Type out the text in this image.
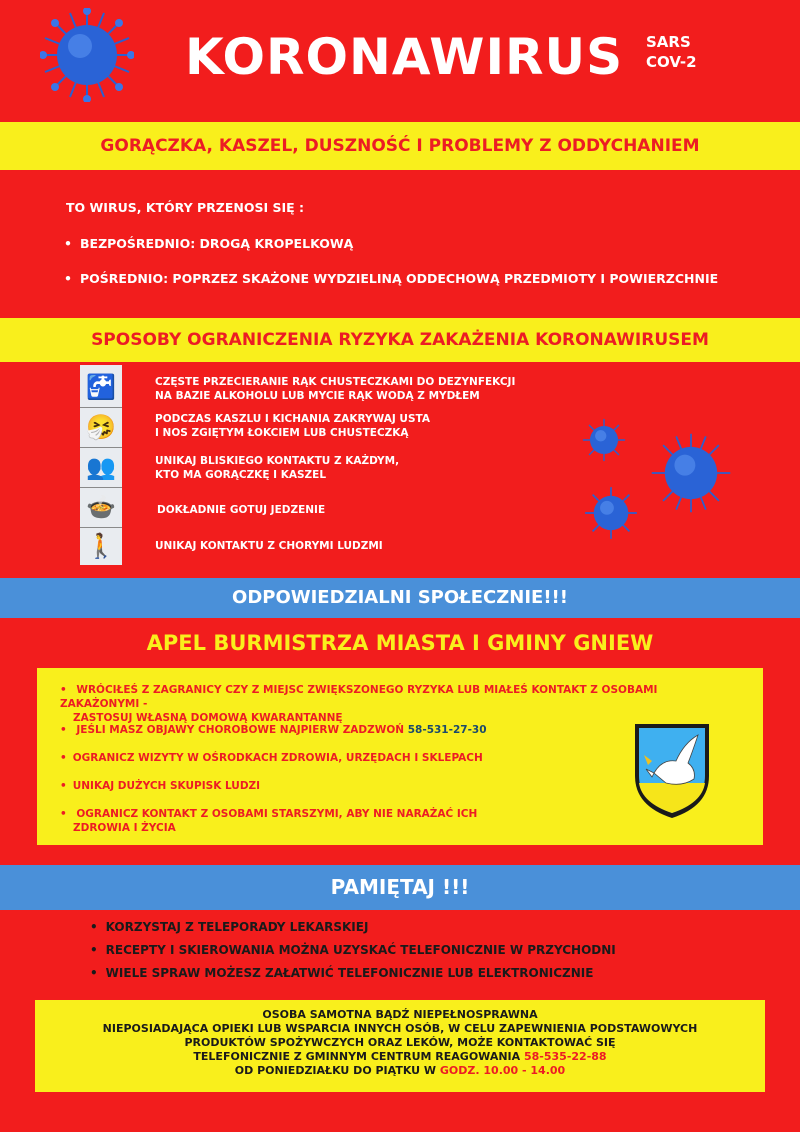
KORONAWIRUS SARS
COV-2
GORĄCZKA, KASZEL, DUSZNOŚĆ I PROBLEMY Z ODDYCHANIEM
TO WIRUS, KTÓRY PRZENOSI SIĘ :
• BEZPOŚREDNIO: DROGĄ KROPELKOWĄ
• POŚREDNIO: POPRZEZ SKAŻONE WYDZIELINĄ ODDECHOWĄ PRZEDMIOTY I POWIERZCHNIE
SPOSOBY OGRANICZENIA RYZYKA ZAKAŻENIA KORONAWIRUSEM
🚰
🤧
👥
🍲
🚶
CZĘSTE PRZECIERANIE RĄK CHUSTECZKAMI DO DEZYNFEKCJI
NA BAZIE ALKOHOLU LUB MYCIE RĄK WODĄ Z MYDŁEM
PODCZAS KASZLU I KICHANIA ZAKRYWAJ USTA
I NOS ZGIĘTYM ŁOKCIEM LUB CHUSTECZKĄ
UNIKAJ BLISKIEGO KONTAKTU Z KAŻDYM,
KTO MA GORĄCZKĘ I KASZEL
DOKŁADNIE GOTUJ JEDZENIE
UNIKAJ KONTAKTU Z CHORYMI LUDZMI
ODPOWIEDZIALNI SPOŁECZNIE!!!
APEL BURMISTRZA MIASTA I GMINY GNIEW
• WRÓCIŁEŚ Z ZAGRANICY CZY Z MIEJSC ZWIĘKSZONEGO RYZYKA LUB MIAŁEŚ KONTAKT Z OSOBAMI ZAKAŻONYMI -
ZASTOSUJ WŁASNĄ DOMOWĄ KWARANTANNĘ
• JEŚLI MASZ OBJAWY CHOROBOWE NAJPIERW ZADZWOŃ 58-531-27-30
• OGRANICZ WIZYTY W OŚRODKACH ZDROWIA, URZĘDACH I SKLEPACH
• UNIKAJ DUŻYCH SKUPISK LUDZI
• OGRANICZ KONTAKT Z OSOBAMI STARSZYMI, ABY NIE NARAŻAĆ ICH
ZDROWIA I ŻYCIA
PAMIĘTAJ !!!
• KORZYSTAJ Z TELEPORADY LEKARSKIEJ
• RECEPTY I SKIEROWANIA MOŻNA UZYSKAĆ TELEFONICZNIE W PRZYCHODNI
• WIELE SPRAW MOŻESZ ZAŁATWIĆ TELEFONICZNIE LUB ELEKTRONICZNIE
OSOBA SAMOTNA BĄDŹ NIEPEŁNOSPRAWNA
NIEPOSIADAJĄCA OPIEKI LUB WSPARCIA INNYCH OSÓB, W CELU ZAPEWNIENIA PODSTAWOWYCH
PRODUKTÓW SPOŻYWCZYCH ORAZ LEKÓW, MOŻE KONTAKTOWAĆ SIĘ
TELEFONICZNIE Z GMINNYM CENTRUM REAGOWANIA 58-535-22-88
OD PONIEDZIAŁKU DO PIĄTKU W GODZ. 10.00 - 14.00
